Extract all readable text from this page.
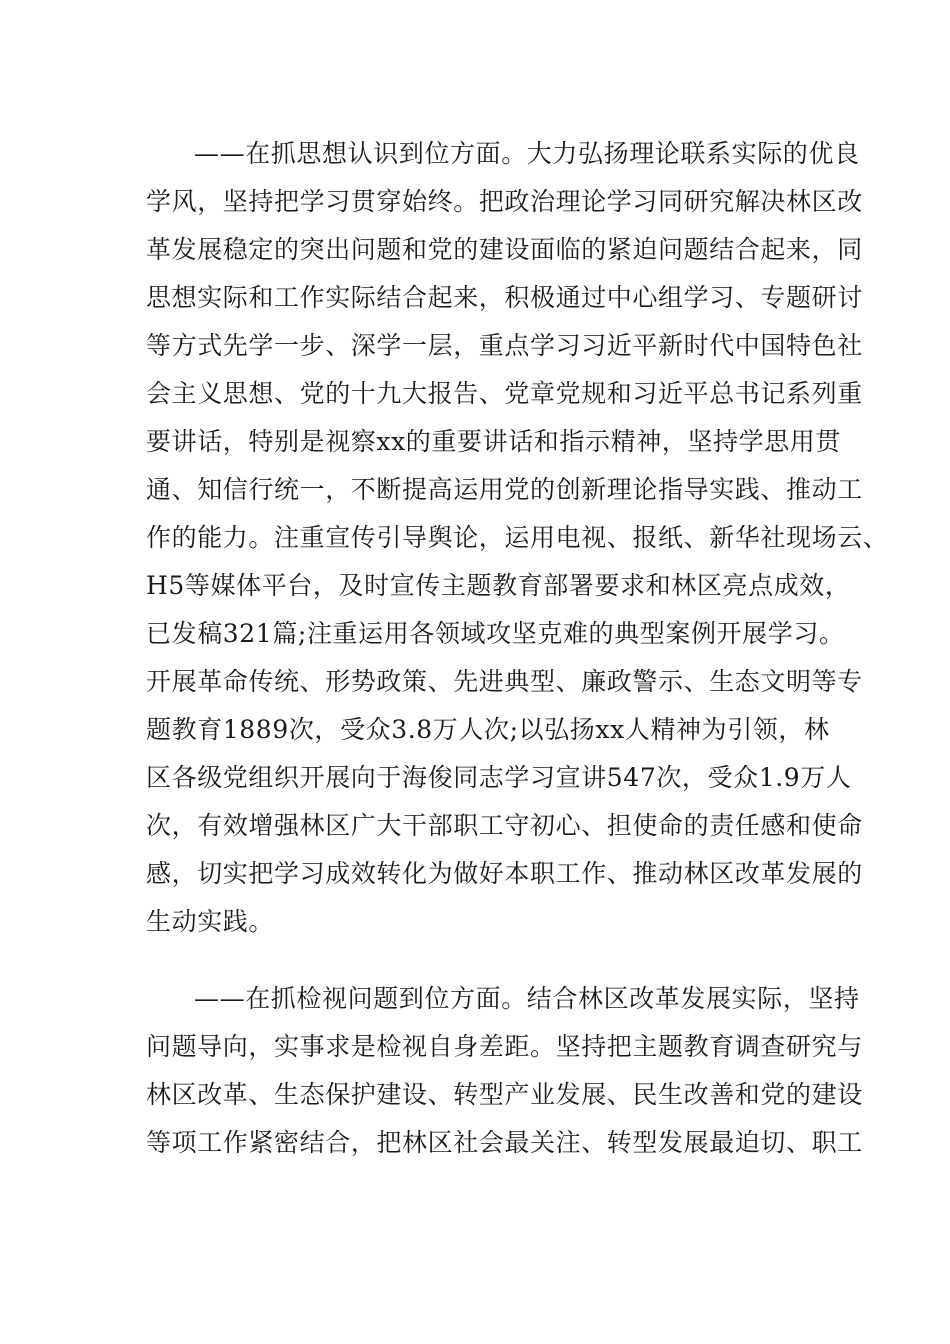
——在抓思想认识到位方面。大力弘扬理论联系实际的优良
学风，坚持把学习贯穿始终。把政治理论学习同研究解决林区改
革发展稳定的突出问题和党的建设面临的紧迫问题结合起来，同
思想实际和工作实际结合起来，积极通过中心组学习、专题研讨
等方式先学一步、深学一层，重点学习习近平新时代中国特色社
会主义思想、党的十九大报告、党章党规和习近平总书记系列重
要讲话，特别是视察xx的重要讲话和指示精神，坚持学思用贯
通、知信行统一，不断提高运用党的创新理论指导实践、推动工
作的能力。注重宣传引导舆论，运用电视、报纸、新华社现场云、
H5等媒体平台，及时宣传主题教育部署要求和林区亮点成效，
已发稿321篇;注重运用各领域攻坚克难的典型案例开展学习。
开展革命传统、形势政策、先进典型、廉政警示、生态文明等专
题教育1889次，受众3.8万人次;以弘扬xx人精神为引领，林
区各级党组织开展向于海俊同志学习宣讲547次，受众1.9万人
次，有效增强林区广大干部职工守初心、担使命的责任感和使命
感，切实把学习成效转化为做好本职工作、推动林区改革发展的
生动实践。
——在抓检视问题到位方面。结合林区改革发展实际，坚持
问题导向，实事求是检视自身差距。坚持把主题教育调查研究与
林区改革、生态保护建设、转型产业发展、民生改善和党的建设
等项工作紧密结合，把林区社会最关注、转型发展最迫切、职工
